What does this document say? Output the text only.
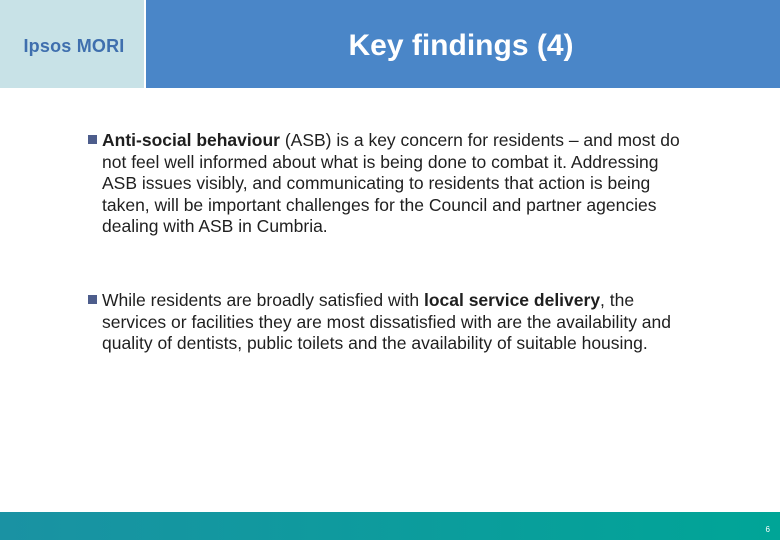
Ipsos MORI	Key findings (4)
Anti-social behaviour (ASB) is a key concern for residents – and most do not feel well informed about what is being done to combat it. Addressing ASB issues visibly, and communicating to residents that action is being taken, will be important challenges for the Council and partner agencies dealing with ASB in Cumbria.
While residents are broadly satisfied with local service delivery, the services or facilities they are most dissatisfied with are the availability and quality of dentists, public toilets and the availability of suitable housing.
6
